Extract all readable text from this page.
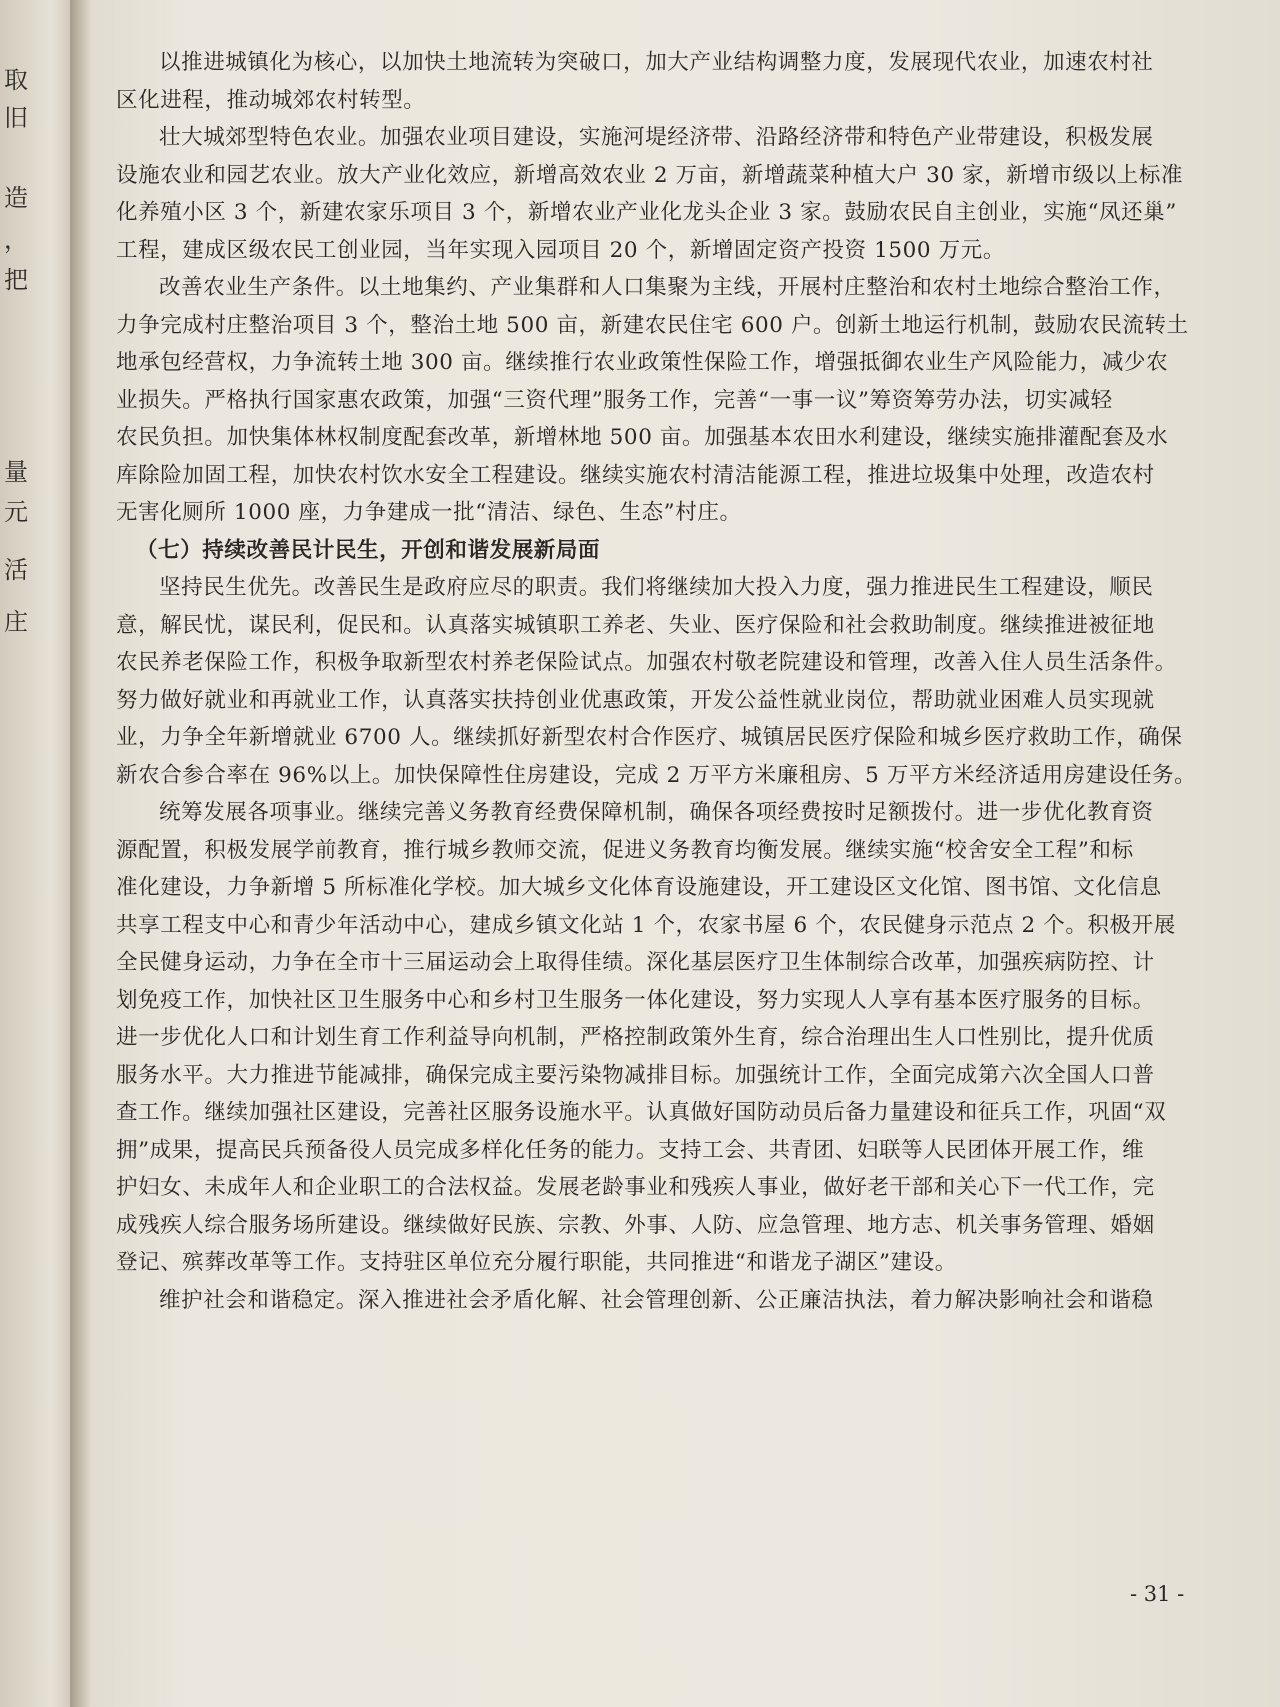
取
旧
造
，
把
量
元
活
庄

以推进城镇化为核心，以加快土地流转为突破口，加大产业结构调整力度，发展现代农业，加速农村社

区化进程，推动城郊农村转型。

壮大城郊型特色农业。加强农业项目建设，实施河堤经济带、沿路经济带和特色产业带建设，积极发展

设施农业和园艺农业。放大产业化效应，新增高效农业 2 万亩，新增蔬菜种植大户 30 家，新增市级以上标准

化养殖小区 3 个，新建农家乐项目 3 个，新增农业产业化龙头企业 3 家。鼓励农民自主创业，实施“凤还巢”

工程，建成区级农民工创业园，当年实现入园项目 20 个，新增固定资产投资 1500 万元。

改善农业生产条件。以土地集约、产业集群和人口集聚为主线，开展村庄整治和农村土地综合整治工作，

力争完成村庄整治项目 3 个，整治土地 500 亩，新建农民住宅 600 户。创新土地运行机制，鼓励农民流转土

地承包经营权，力争流转土地 300 亩。继续推行农业政策性保险工作，增强抵御农业生产风险能力，减少农

业损失。严格执行国家惠农政策，加强“三资代理”服务工作，完善“一事一议”筹资筹劳办法，切实减轻

农民负担。加快集体林权制度配套改革，新增林地 500 亩。加强基本农田水利建设，继续实施排灌配套及水

库除险加固工程，加快农村饮水安全工程建设。继续实施农村清洁能源工程，推进垃圾集中处理，改造农村

无害化厕所 1000 座，力争建成一批“清洁、绿色、生态”村庄。

（七）持续改善民计民生，开创和谐发展新局面

坚持民生优先。改善民生是政府应尽的职责。我们将继续加大投入力度，强力推进民生工程建设，顺民

意，解民忧，谋民利，促民和。认真落实城镇职工养老、失业、医疗保险和社会救助制度。继续推进被征地

农民养老保险工作，积极争取新型农村养老保险试点。加强农村敬老院建设和管理，改善入住人员生活条件。

努力做好就业和再就业工作，认真落实扶持创业优惠政策，开发公益性就业岗位，帮助就业困难人员实现就

业，力争全年新增就业 6700 人。继续抓好新型农村合作医疗、城镇居民医疗保险和城乡医疗救助工作，确保

新农合参合率在 96%以上。加快保障性住房建设，完成 2 万平方米廉租房、5 万平方米经济适用房建设任务。

统筹发展各项事业。继续完善义务教育经费保障机制，确保各项经费按时足额拨付。进一步优化教育资

源配置，积极发展学前教育，推行城乡教师交流，促进义务教育均衡发展。继续实施“校舍安全工程”和标

准化建设，力争新增 5 所标准化学校。加大城乡文化体育设施建设，开工建设区文化馆、图书馆、文化信息

共享工程支中心和青少年活动中心，建成乡镇文化站 1 个，农家书屋 6 个，农民健身示范点 2 个。积极开展

全民健身运动，力争在全市十三届运动会上取得佳绩。深化基层医疗卫生体制综合改革，加强疾病防控、计

划免疫工作，加快社区卫生服务中心和乡村卫生服务一体化建设，努力实现人人享有基本医疗服务的目标。

进一步优化人口和计划生育工作利益导向机制，严格控制政策外生育，综合治理出生人口性别比，提升优质

服务水平。大力推进节能减排，确保完成主要污染物减排目标。加强统计工作，全面完成第六次全国人口普

查工作。继续加强社区建设，完善社区服务设施水平。认真做好国防动员后备力量建设和征兵工作，巩固“双

拥”成果，提高民兵预备役人员完成多样化任务的能力。支持工会、共青团、妇联等人民团体开展工作，维

护妇女、未成年人和企业职工的合法权益。发展老龄事业和残疾人事业，做好老干部和关心下一代工作，完

成残疾人综合服务场所建设。继续做好民族、宗教、外事、人防、应急管理、地方志、机关事务管理、婚姻

登记、殡葬改革等工作。支持驻区单位充分履行职能，共同推进“和谐龙子湖区”建设。

维护社会和谐稳定。深入推进社会矛盾化解、社会管理创新、公正廉洁执法，着力解决影响社会和谐稳

- 31 -
